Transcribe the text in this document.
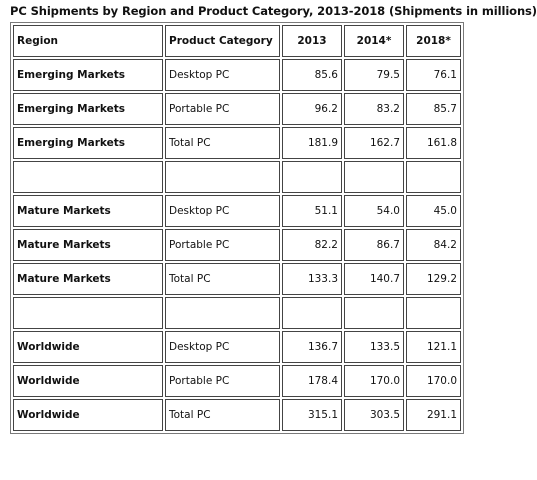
PC Shipments by Region and Product Category, 2013-2018 (Shipments in millions)
Region	Product Category	2013	2014*	2018*
Emerging Markets	Desktop PC	85.6	79.5	76.1
Emerging Markets	Portable PC	96.2	83.2	85.7
Emerging Markets	Total PC	181.9	162.7	161.8

Mature Markets	Desktop PC	51.1	54.0	45.0
Mature Markets	Portable PC	82.2	86.7	84.2
Mature Markets	Total PC	133.3	140.7	129.2

Worldwide	Desktop PC	136.7	133.5	121.1
Worldwide	Portable PC	178.4	170.0	170.0
Worldwide	Total PC	315.1	303.5	291.1
